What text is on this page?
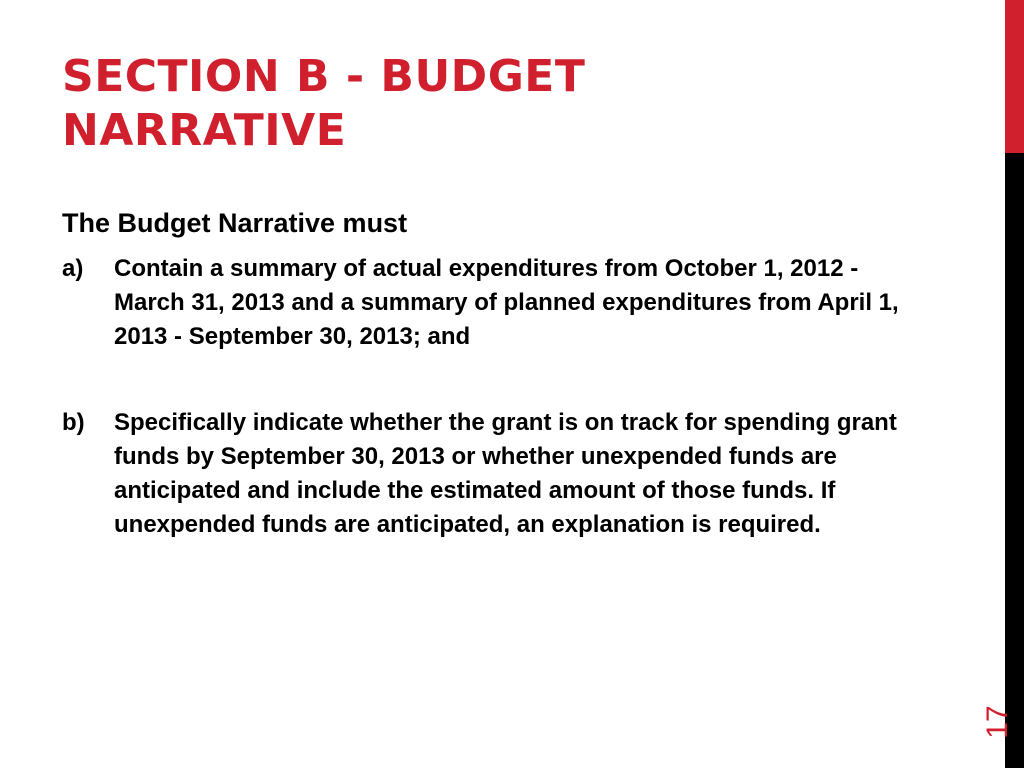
SECTION B - BUDGET
NARRATIVE

The Budget Narrative must

a)	Contain a summary of actual expenditures from October 1, 2012 - March 31, 2013 and a summary of planned expenditures from April 1, 2013 - September 30, 2013; and
b)	Specifically indicate whether the grant is on track for spending grant funds by September 30, 2013 or whether unexpended funds are anticipated and include the estimated amount of those funds. If unexpended funds are anticipated, an explanation is required.
17
